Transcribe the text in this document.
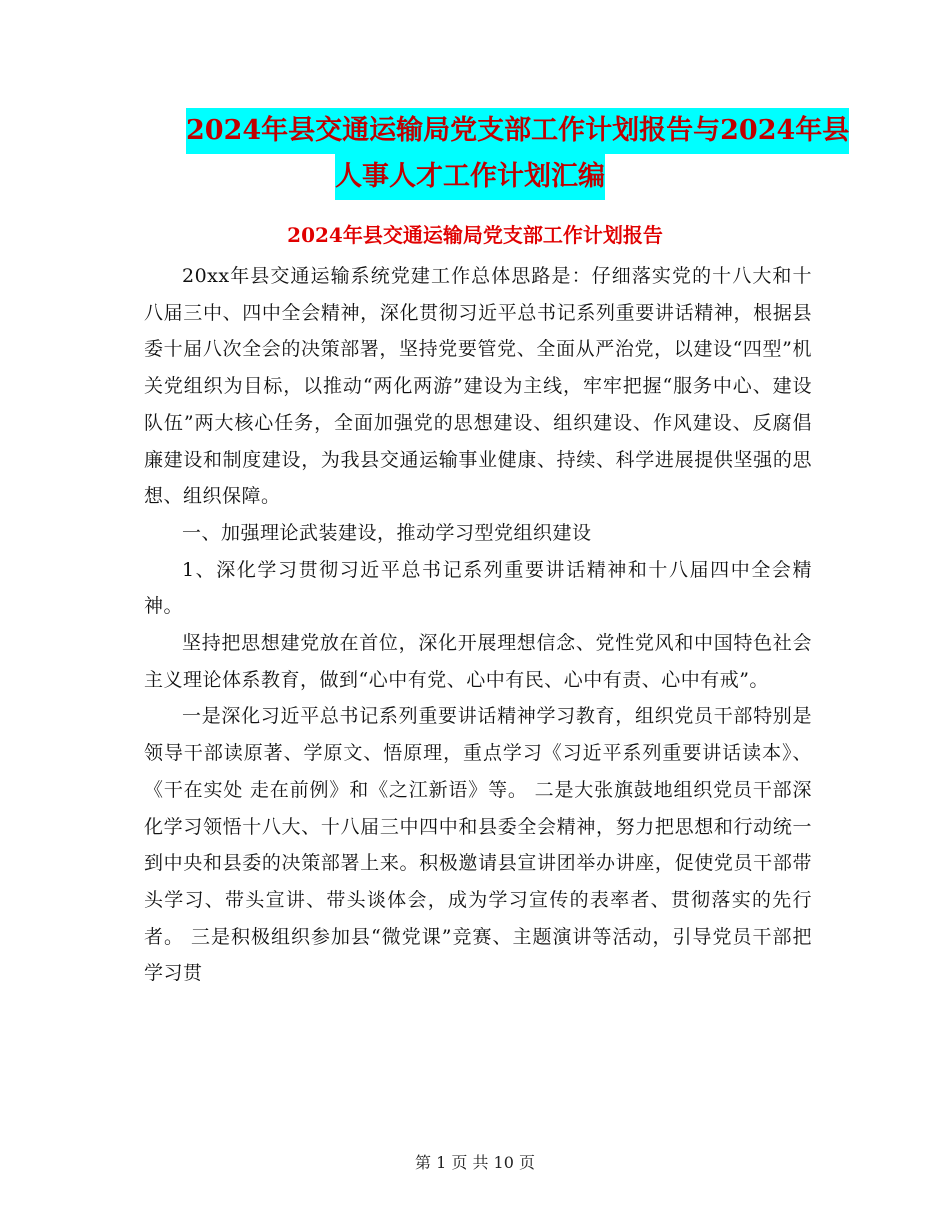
2024年县交通运输局党支部工作计划报告与2024年县
人事人才工作计划汇编
2024年县交通运输局党支部工作计划报告

20xx年县交通运输系统党建工作总体思路是：仔细落实党的十八大和十八届三中、四中全会精神，深化贯彻习近平总书记系列重要讲话精神，根据县委十届八次全会的决策部署，坚持党要管党、全面从严治党，以建设“四型”机关党组织为目标，以推动“两化两游”建设为主线，牢牢把握“服务中心、建设队伍”两大核心任务，全面加强党的思想建设、组织建设、作风建设、反腐倡廉建设和制度建设，为我县交通运输事业健康、持续、科学进展提供坚强的思想、组织保障。

一、加强理论武装建设，推动学习型党组织建设

1、深化学习贯彻习近平总书记系列重要讲话精神和十八届四中全会精神。

坚持把思想建党放在首位，深化开展理想信念、党性党风和中国特色社会主义理论体系教育，做到“心中有党、心中有民、心中有责、心中有戒”。

一是深化习近平总书记系列重要讲话精神学习教育，组织党员干部特别是领导干部读原著、学原文、悟原理，重点学习《习近平系列重要讲话读本》、《干在实处 走在前例》和《之江新语》等。 二是大张旗鼓地组织党员干部深化学习领悟十八大、十八届三中四中和县委全会精神，努力把思想和行动统一到中央和县委的决策部署上来。积极邀请县宣讲团举办讲座，促使党员干部带头学习、带头宣讲、带头谈体会，成为学习宣传的表率者、贯彻落实的先行者。 三是积极组织参加县“微党课”竞赛、主题演讲等活动，引导党员干部把学习贯

第 1 页 共 10 页
